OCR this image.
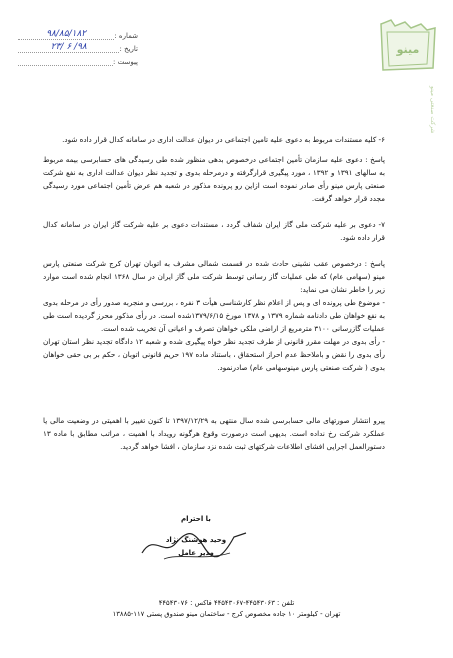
شماره :
۹۸/۸۵/۱۸۲
تاریخ :
۹۸/ ۶ /۲۳
پیوست :
مینو
شرکت صنعتی مینو

۶- کلیه مستندات مربوط به دعوی علیه تامین اجتماعی در دیوان عدالت اداری در سامانه کدال قرار داده شود.

پاسخ : دعوی علیه سازمان تأمین اجتماعی درخصوص بدهی منظور شده طی رسیدگی های حسابرسی بیمه مربوط به سالهای ۱۳۹۱ و ۱۳۹۲ ، مورد پیگیری قرارگرفته و درمرحله بدوی و تجدید نظر دیوان عدالت اداری به نفع شرکت صنعتی پارس مینو رأی صادر نموده است ازاین رو پرونده مذکور در شعبه هم عرض تأمین اجتماعی مورد رسیدگی مجدد قرار خواهد گرفت.

۷- دعوی بر علیه شرکت ملی گاز ایران شفاف گردد ، مستندات دعوی بر علیه شرکت گاز ایران در سامانه کدال قرار داده شود.

پاسخ : درخصوص عقب نشینی حادث شده در قسمت شمالی مشرف به اتوبان تهران کرج شرکت صنعتی پارس مینو (سهامی عام) که طی عملیات گاز رسانی توسط شرکت ملی گاز ایران در سال ۱۳۶۸ انجام شده است موارد زیر را خاطر نشان می نماید:

- موضوع طی پرونده ای و پس از اعلام نظر کارشناسی هیأت ۳ نفره ، بررسی و منجربه صدور رأی در مرحله بدوی به نفع خواهان طی دادنامه شماره ۱۳۷۹ و ۱۳۷۸ مورخ ۱۳۷۹/۶/۱۵شده است. در رأی مذکور محرز گردیده است طی عملیات گازرسانی ۳۱۰۰ مترمربع از اراضی ملکی خواهان تصرف و اعیانی آن تخریب شده است.

- رأی بدوی در مهلت مقرر قانونی از طرف تجدید نظر خواه پیگیری شده و شعبه ۱۲ دادگاه تجدید نظر استان تهران رأی بدوی را نقض و باملاحظ عدم احراز استحقاق ، باستناد ماده ۱۹۷ حریم قانونی اتوبان ، حکم بر بی حقی خواهان بدوی ( شرکت صنعتی پارس مینوسهامی عام) صادرنمود.

پیرو انتشار صورتهای مالی حسابرسی شده سال منتهی به ۱۳۹۷/۱۲/۲۹ تا کنون تغییر با اهمیتی در وضعیت مالی یا عملکرد شرکت رخ نداده است. بدیهی است درصورت وقوع هرگونه رویداد با اهمیت ، مراتب مطابق با ماده ۱۳ دستورالعمل اجرایی افشای اطلاعات شرکتهای ثبت شده نزد سازمان ، افشا خواهد گردید.

با احترام
وحید هوشنگ نژاد
مدیر عامل
تلفن : ۴۴۵۴۳۰۶۳-۴۴۵۴۳۰۶۷ فاکس : ۴۴۵۴۳۰۷۶
تهران - کیلومتر ۱۰ جاده مخصوص کرج - ساختمان مینو صندوق پستی ۱۱۷-۱۳۸۸۵
